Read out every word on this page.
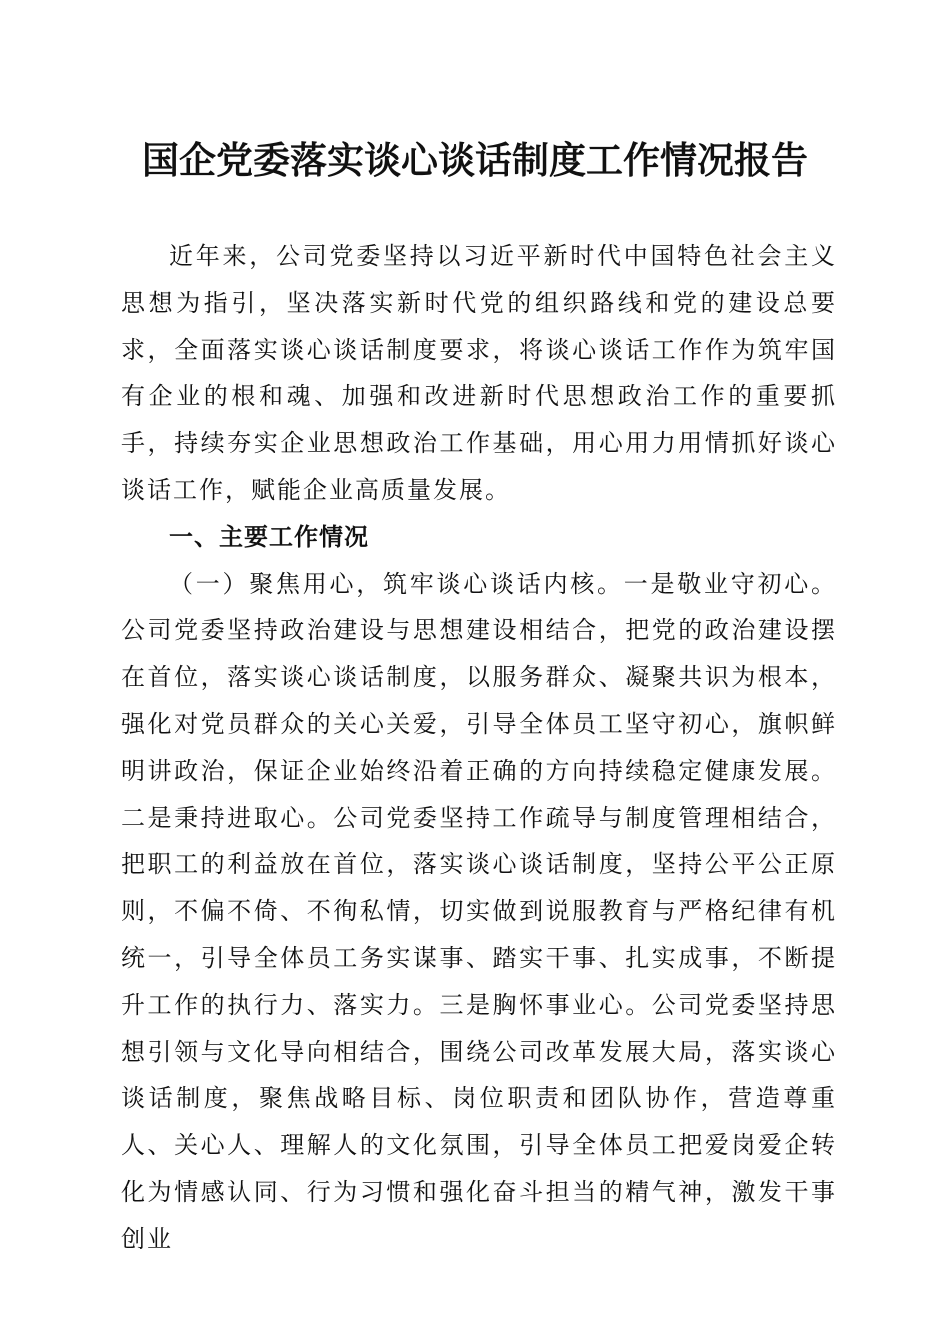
国企党委落实谈心谈话制度工作情况报告

近年来，公司党委坚持以习近平新时代中国特色社会主义思想为指引，坚决落实新时代党的组织路线和党的建设总要求，全面落实谈心谈话制度要求，将谈心谈话工作作为筑牢国有企业的根和魂、加强和改进新时代思想政治工作的重要抓手，持续夯实企业思想政治工作基础，用心用力用情抓好谈心谈话工作，赋能企业高质量发展。

一、主要工作情况

（一）聚焦用心，筑牢谈心谈话内核。一是敬业守初心。公司党委坚持政治建设与思想建设相结合，把党的政治建设摆在首位，落实谈心谈话制度，以服务群众、凝聚共识为根本，强化对党员群众的关心关爱，引导全体员工坚守初心，旗帜鲜明讲政治，保证企业始终沿着正确的方向持续稳定健康发展。二是秉持进取心。公司党委坚持工作疏导与制度管理相结合，把职工的利益放在首位，落实谈心谈话制度，坚持公平公正原则，不偏不倚、不徇私情，切实做到说服教育与严格纪律有机统一，引导全体员工务实谋事、踏实干事、扎实成事，不断提升工作的执行力、落实力。三是胸怀事业心。公司党委坚持思想引领与文化导向相结合，围绕公司改革发展大局，落实谈心谈话制度，聚焦战略目标、岗位职责和团队协作，营造尊重人、关心人、理解人的文化氛围，引导全体员工把爱岗爱企转化为情感认同、行为习惯和强化奋斗担当的精气神，激发干事创业
